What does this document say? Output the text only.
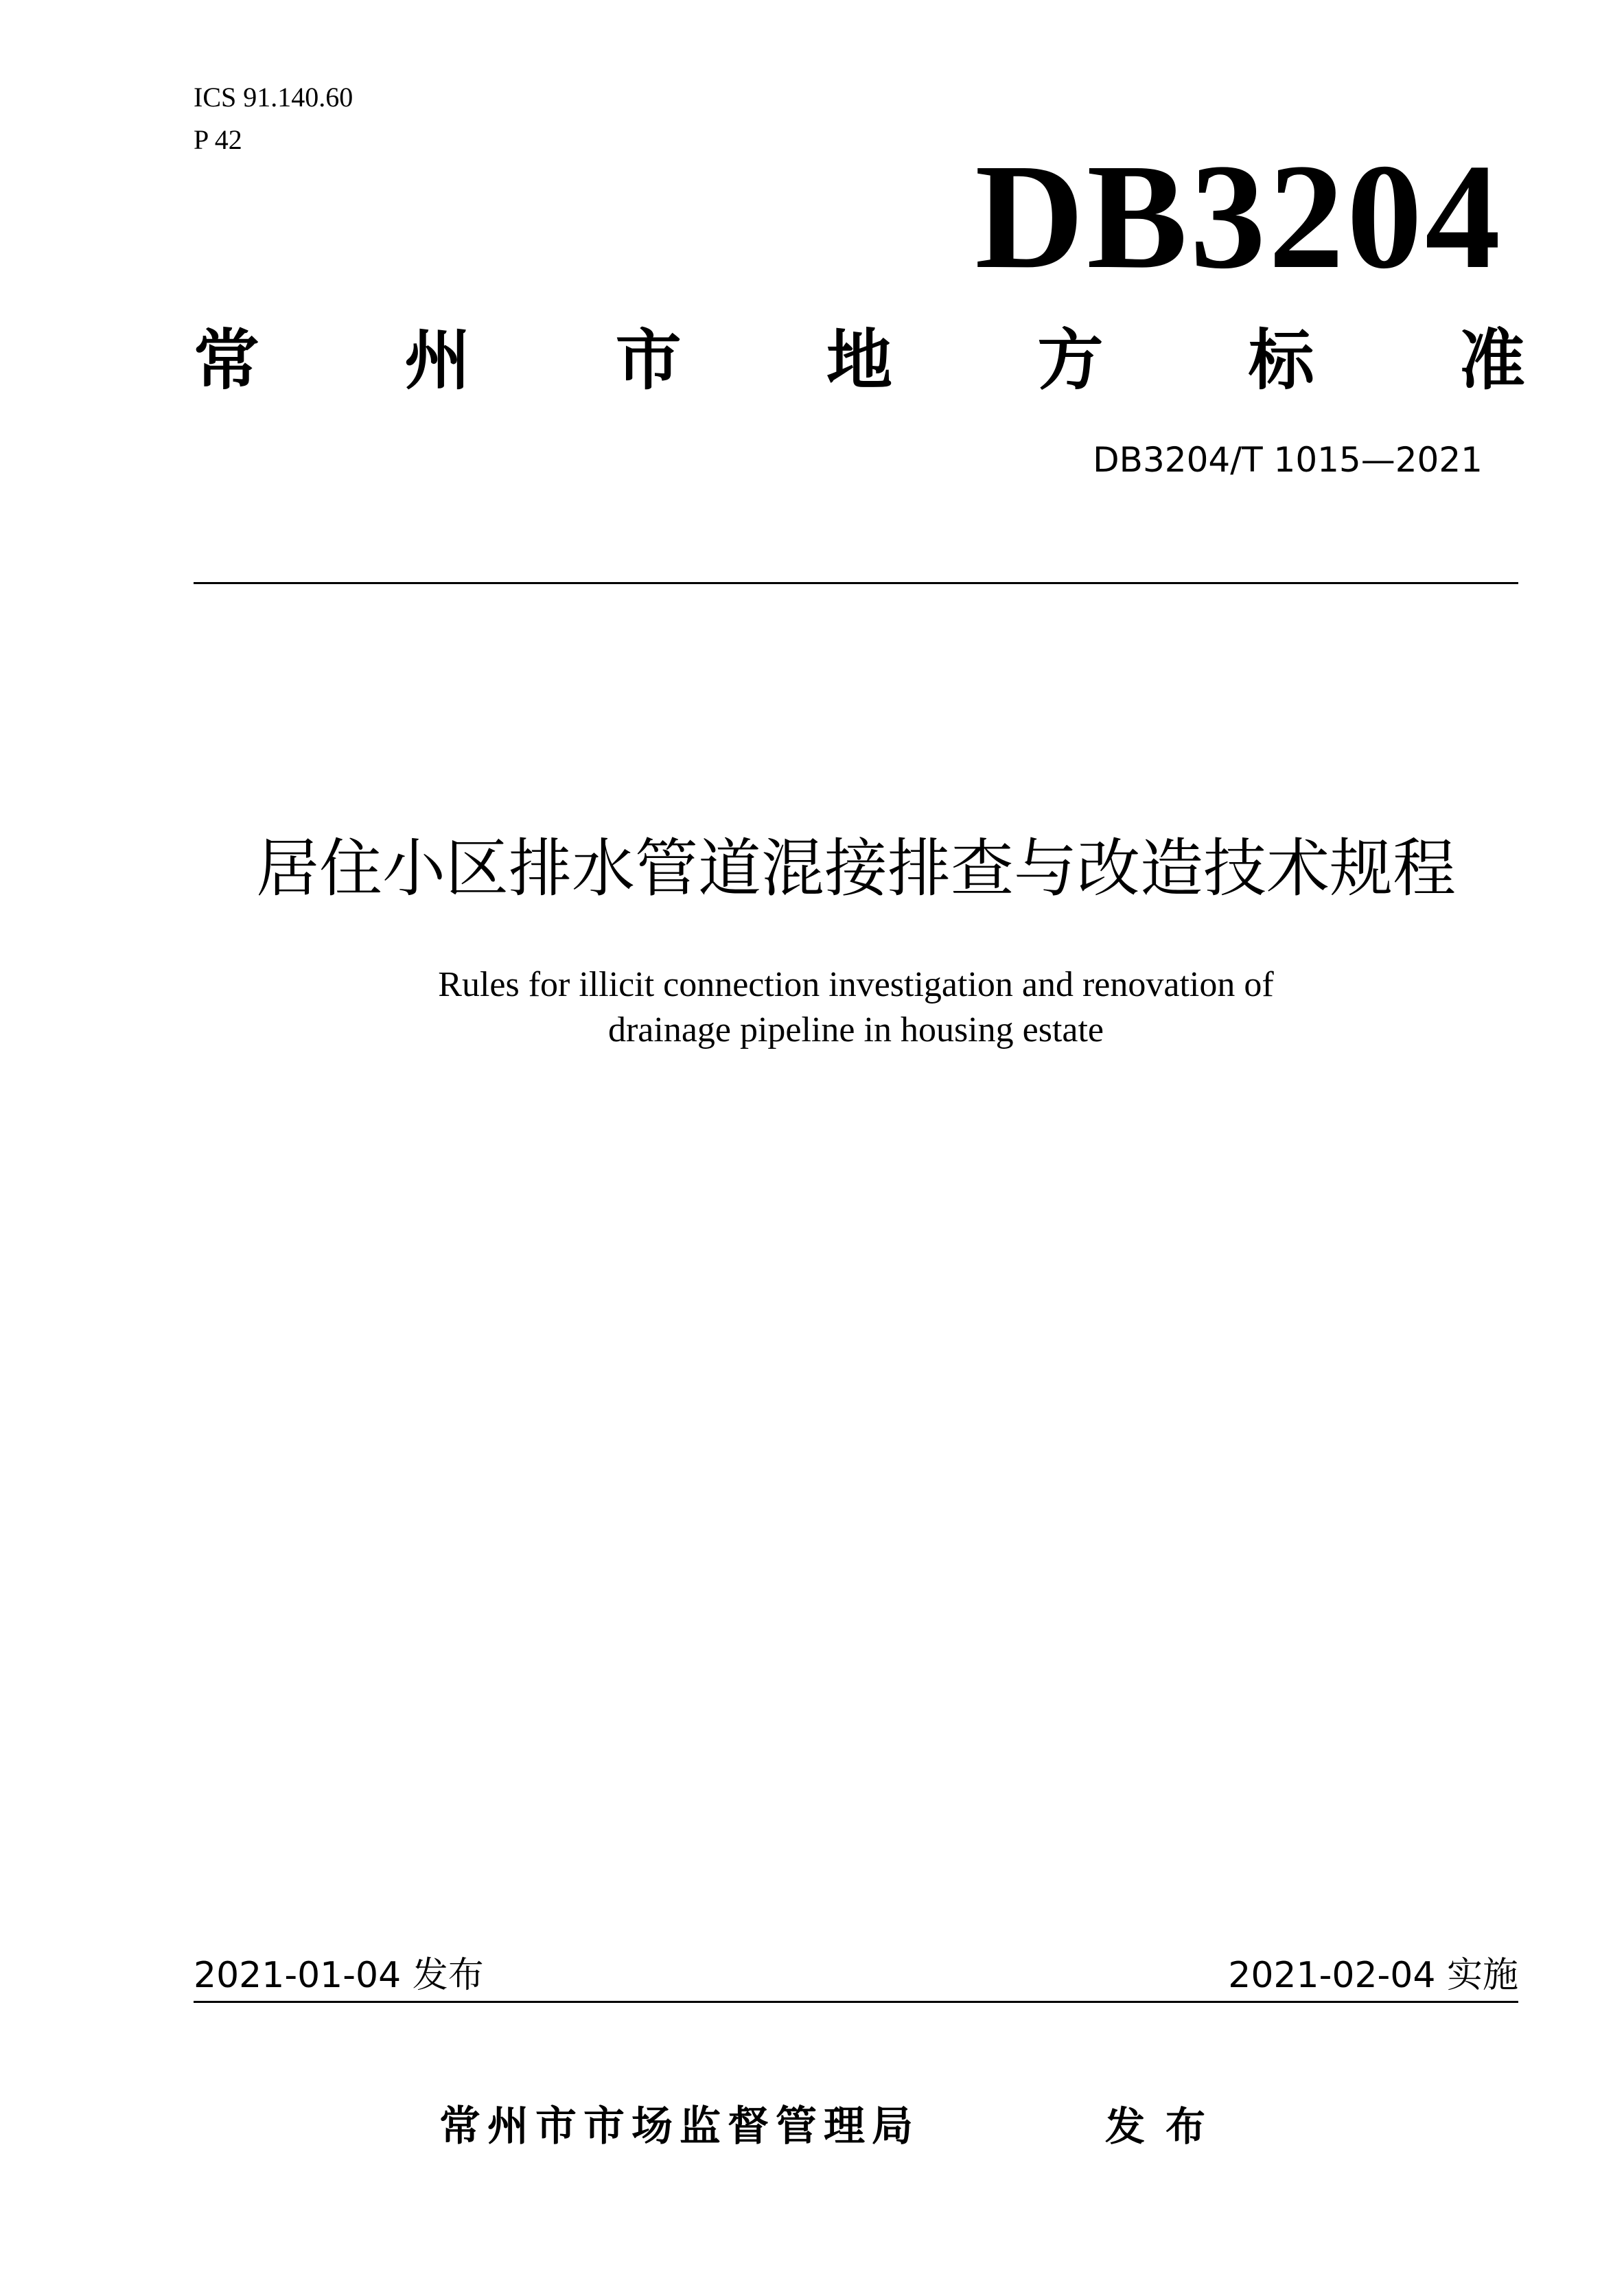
ICS 91.140.60
P 42	DB3204
常 州 市 地 方 标 准
DB3204/T 1015—2021
居住小区排水管道混接排查与改造技术规程
Rules for illicit connection investigation and renovation of
drainage pipeline in housing estate
2021-01-04 发布	2021-02-04 实施
常州市市场监督管理局	发布
